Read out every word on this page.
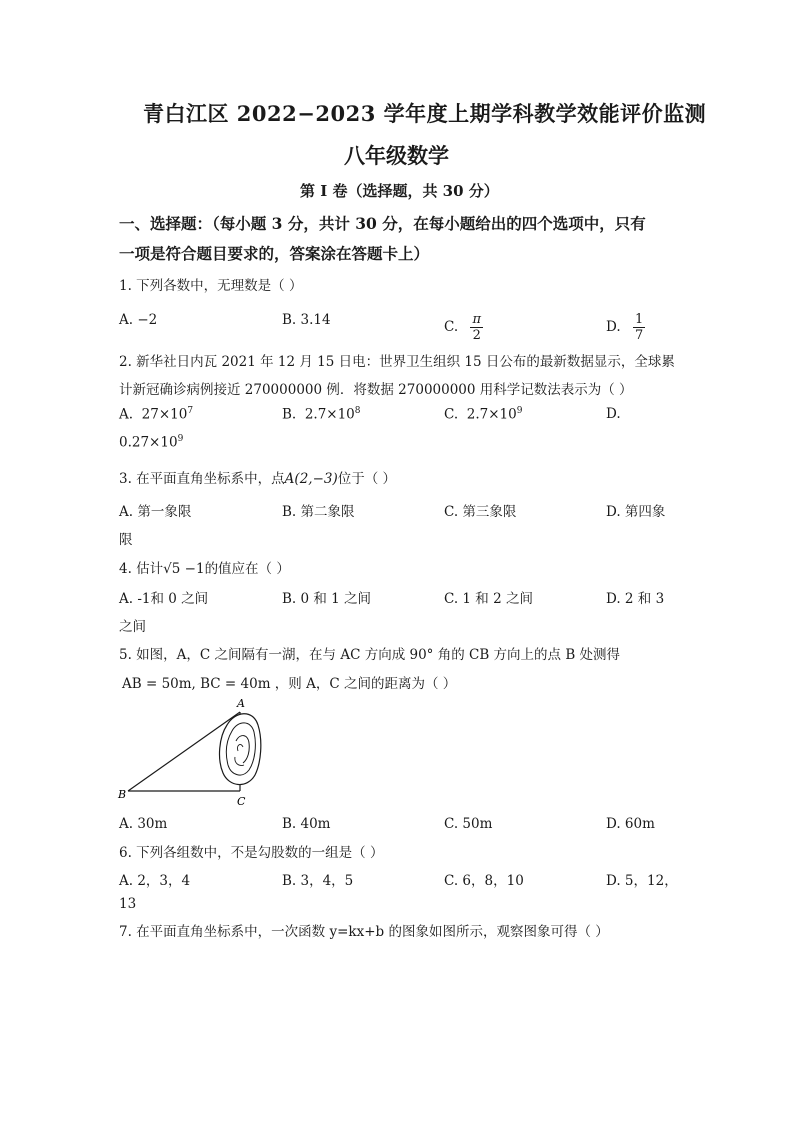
青白江区 2022−2023 学年度上期学科教学效能评价监测
八年级数学
第 I 卷（选择题，共 30 分）
一、选择题：（每小题 3 分，共计 30 分，在每小题给出的四个选项中，只有
一项是符合题目要求的，答案涂在答题卡上）
1. 下列各数中，无理数是（ ）
A. −2	B. 3.14	C. $\frac{\pi}{2}$	D. $\frac{1}{7}$
2. 新华社日内瓦 2021 年 12 月 15 日电：世界卫生组织 15 日公布的最新数据显示，全球累
计新冠确诊病例接近 270000000 例．将数据 270000000 用科学记数法表示为（ ）
A. $27\times 10^7$	B. $2.7\times 10^8$	C. $2.7\times 10^9$	D.
$0.27\times 10^9$
3. 在平面直角坐标系中，点A(2,−3)位于（ ）
A. 第一象限	B. 第二象限	C. 第三象限	D. 第四象
限
4. 估计√5 −1的值应在（ ）
A. -1和 0 之间	B. 0 和 1 之间	C. 1 和 2 之间	D. 2 和 3
之间
5. 如图，A，C 之间隔有一湖，在与 AC 方向成 90° 角的 CB 方向上的点 B 处测得
AB = 50m, BC = 40m ，则 A，C 之间的距离为（ ）
A
B
C
A. 30m	B. 40m	C. 50m	D. 60m
6. 下列各组数中，不是勾股数的一组是（ ）
A. 2，3，4	B. 3，4，5	C. 6，8，10	D. 5，12，
13
7. 在平面直角坐标系中，一次函数 y=kx+b 的图象如图所示，观察图象可得（ ）
